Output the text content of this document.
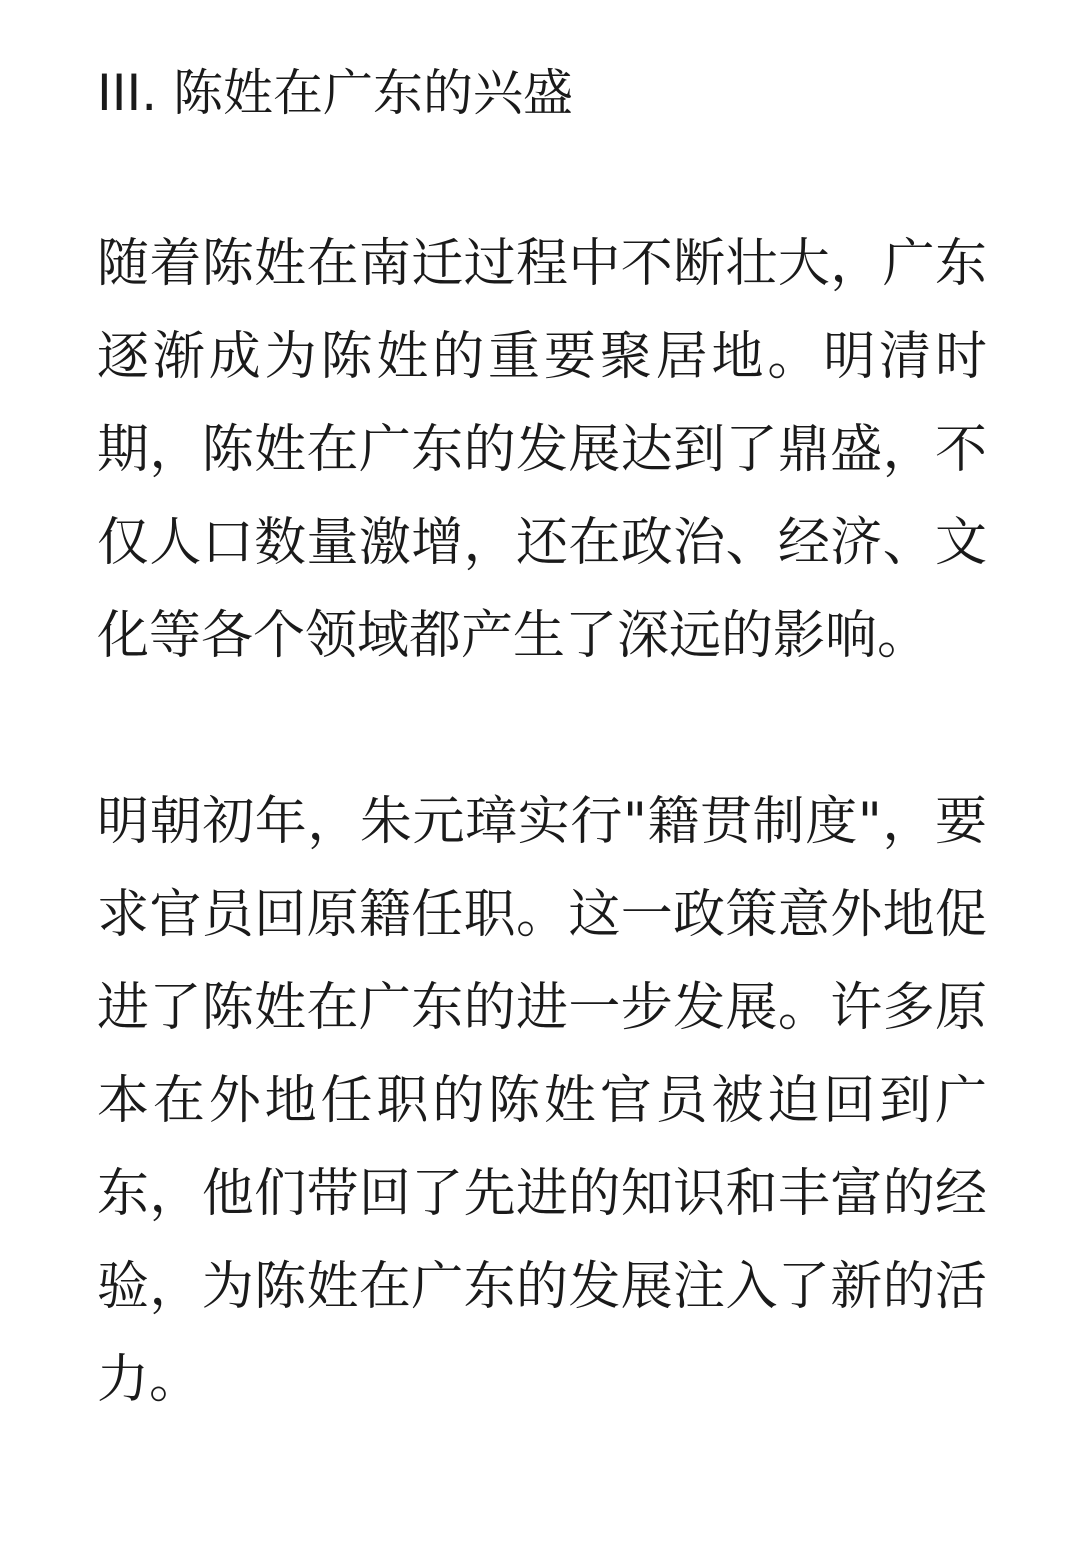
III. 陈姓在广东的兴盛

随着陈姓在南迁过程中不断壮大，广东逐渐成为陈姓的重要聚居地。明清时期，陈姓在广东的发展达到了鼎盛，不仅人口数量激增，还在政治、经济、文化等各个领域都产生了深远的影响。

明朝初年，朱元璋实行"籍贯制度"，要求官员回原籍任职。这一政策意外地促进了陈姓在广东的进一步发展。许多原本在外地任职的陈姓官员被迫回到广东，他们带回了先进的知识和丰富的经验，为陈姓在广东的发展注入了新的活力。
